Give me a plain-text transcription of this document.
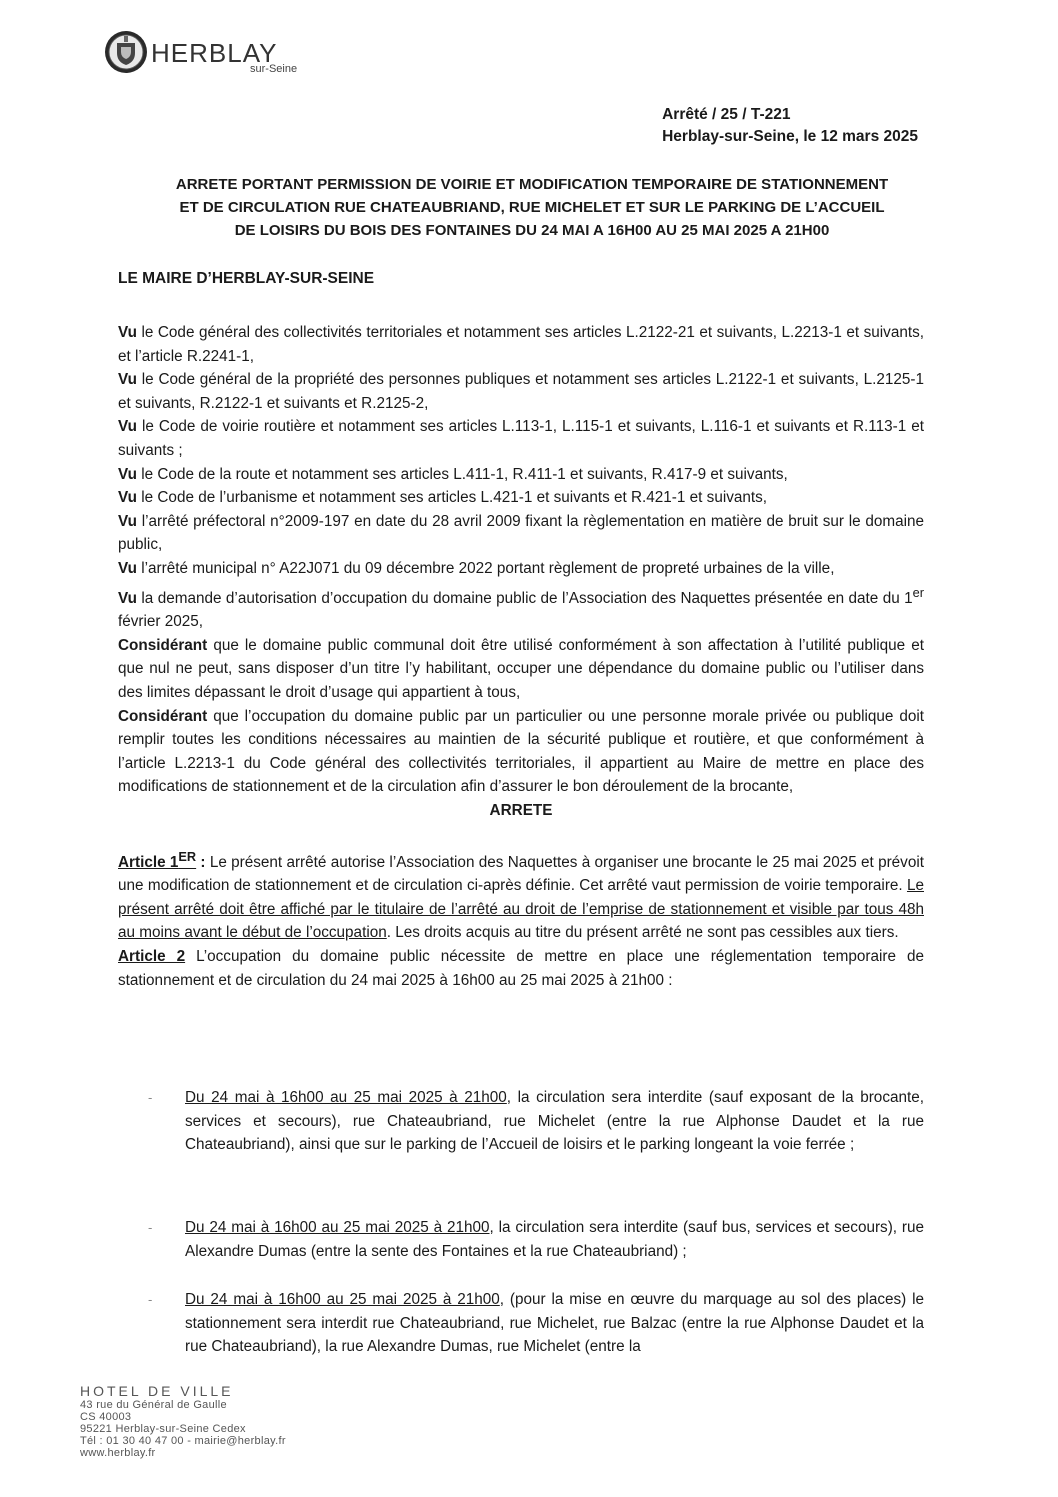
HERBLAY
sur-Seine
Arrêté / 25 / T-221
Herblay-sur-Seine, le 12 mars 2025
ARRETE PORTANT PERMISSION DE VOIRIE ET MODIFICATION TEMPORAIRE DE STATIONNEMENT
ET DE CIRCULATION RUE CHATEAUBRIAND, RUE MICHELET ET SUR LE PARKING DE L’ACCUEIL
DE LOISIRS DU BOIS DES FONTAINES DU 24 MAI A 16H00 AU 25 MAI 2025 A 21H00
LE MAIRE D’HERBLAY-SUR-SEINE

Vu le Code général des collectivités territoriales et notamment ses articles L.2122-21 et suivants, L.2213-1 et suivants, et l’article R.2241-1,

Vu le Code général de la propriété des personnes publiques et notamment ses articles L.2122-1 et suivants, L.2125-1 et suivants, R.2122-1 et suivants et R.2125-2,

Vu le Code de voirie routière et notamment ses articles L.113-1, L.115-1 et suivants, L.116-1 et suivants et R.113-1 et suivants ;

Vu le Code de la route et notamment ses articles L.411-1, R.411-1 et suivants, R.417-9 et suivants,

Vu le Code de l’urbanisme et notamment ses articles L.421-1 et suivants et R.421-1 et suivants,

Vu l’arrêté préfectoral n°2009-197 en date du 28 avril 2009 fixant la règlementation en matière de bruit sur le domaine public,

Vu l’arrêté municipal n° A22J071 du 09 décembre 2022 portant règlement de propreté urbaines de la ville,

Vu la demande d’autorisation d’occupation du domaine public de l’Association des Naquettes présentée en date du 1er février 2025,

Considérant que le domaine public communal doit être utilisé conformément à son affectation à l’utilité publique et que nul ne peut, sans disposer d’un titre l’y habilitant, occuper une dépendance du domaine public ou l’utiliser dans des limites dépassant le droit d’usage qui appartient à tous,

Considérant que l’occupation du domaine public par un particulier ou une personne morale privée ou publique doit remplir toutes les conditions nécessaires au maintien de la sécurité publique et routière, et que conformément à l’article L.2213-1 du Code général des collectivités territoriales, il appartient au Maire de mettre en place des modifications de stationnement et de la circulation afin d’assurer le bon déroulement de la brocante,

ARRETE

Article 1ER : Le présent arrêté autorise l’Association des Naquettes à organiser une brocante le 25 mai 2025 et prévoit une modification de stationnement et de circulation ci-après définie. Cet arrêté vaut permission de voirie temporaire. Le présent arrêté doit être affiché par le titulaire de l’arrêté au droit de l’emprise de stationnement et visible par tous 48h au moins avant le début de l’occupation. Les droits acquis au titre du présent arrêté ne sont pas cessibles aux tiers.

Article 2 L’occupation du domaine public nécessite de mettre en place une réglementation temporaire de stationnement et de circulation du 24 mai 2025 à 16h00 au 25 mai 2025 à 21h00 :

- Du 24 mai à 16h00 au 25 mai 2025 à 21h00, la circulation sera interdite (sauf exposant de la brocante, services et secours), rue Chateaubriand, rue Michelet (entre la rue Alphonse Daudet et la rue Chateaubriand), ainsi que sur le parking de l’Accueil de loisirs et le parking longeant la voie ferrée ;
- Du 24 mai à 16h00 au 25 mai 2025 à 21h00, la circulation sera interdite (sauf bus, services et secours), rue Alexandre Dumas (entre la sente des Fontaines et la rue Chateaubriand) ;
- Du 24 mai à 16h00 au 25 mai 2025 à 21h00, (pour la mise en œuvre du marquage au sol des places) le stationnement sera interdit rue Chateaubriand, rue Michelet, rue Balzac (entre la rue Alphonse Daudet et la rue Chateaubriand), la rue Alexandre Dumas, rue Michelet (entre la
HOTEL DE VILLE
43 rue du Général de Gaulle
CS 40003
95221 Herblay-sur-Seine Cedex
Tél : 01 30 40 47 00 - mairie@herblay.fr
www.herblay.fr
